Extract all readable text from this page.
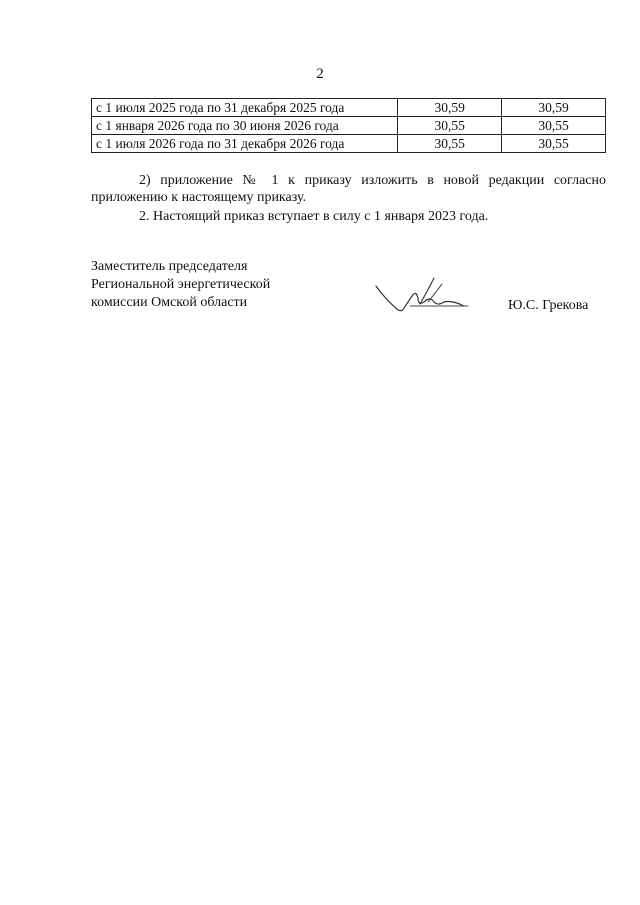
2
с 1 июля 2025 года по 31 декабря 2025 года	30,59	30,59
с 1 января 2026 года по 30 июня 2026 года	30,55	30,55
с 1 июля 2026 года по 31 декабря 2026 года	30,55	30,55
2) приложение № 1 к приказу изложить в новой редакции согласно приложению к настоящему приказу.
2. Настоящий приказ вступает в силу с 1 января 2023 года.
Заместитель председателя
Региональной энергетической
комиссии Омской области	Ю.С. Грекова
